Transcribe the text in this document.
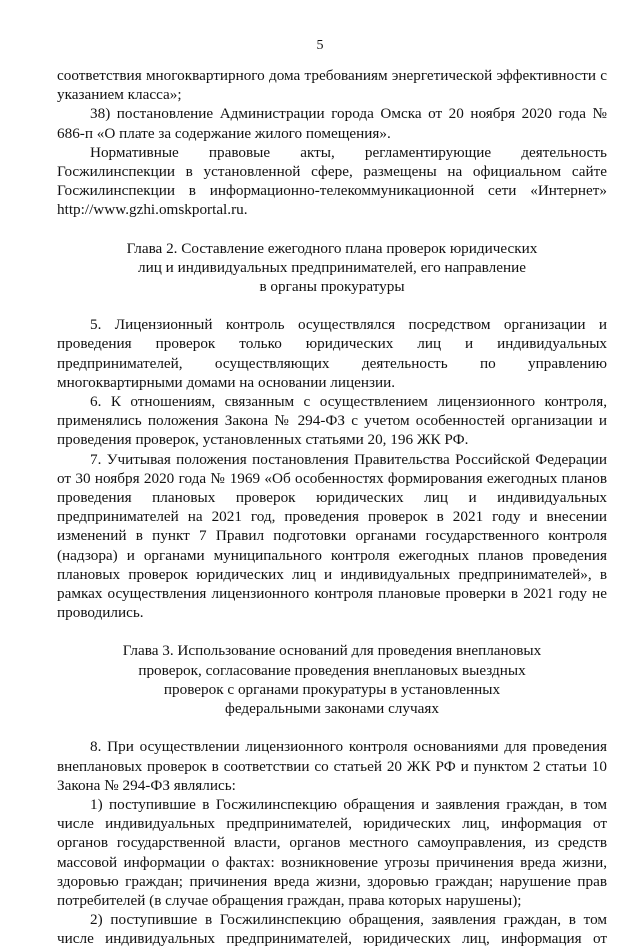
5

соответствия многоквартирного дома требованиям энергетической эффективности с указанием класса»;

38) постановление Администрации города Омска от 20 ноября 2020 года № 686-п «О плате за содержание жилого помещения».

Нормативные правовые акты, регламентирующие деятельность Госжилинспекции в установленной сфере, размещены на официальном сайте Госжилинспекции в информационно-телекоммуникационной сети «Интернет» http://www.gzhi.omskportal.ru.

Глава 2. Составление ежегодного плана проверок юридических

лиц и индивидуальных предпринимателей, его направление

в органы прокуратуры

5. Лицензионный контроль осуществлялся посредством организации и проведения проверок только юридических лиц и индивидуальных предпринимателей, осуществляющих деятельность по управлению многоквартирными домами на основании лицензии.

6. К отношениям, связанным с осуществлением лицензионного контроля, применялись положения Закона № 294-ФЗ с учетом особенностей организации и проведения проверок, установленных статьями 20, 196 ЖК РФ.

7. Учитывая положения постановления Правительства Российской Федерации от 30 ноября 2020 года № 1969 «Об особенностях формирования ежегодных планов проведения плановых проверок юридических лиц и индивидуальных предпринимателей на 2021 год, проведения проверок в 2021 году и внесении изменений в пункт 7 Правил подготовки органами государственного контроля (надзора) и органами муниципального контроля ежегодных планов проведения плановых проверок юридических лиц и индивидуальных предпринимателей», в рамках осуществления лицензионного контроля плановые проверки в 2021 году не проводились.

Глава 3. Использование оснований для проведения внеплановых

проверок, согласование проведения внеплановых выездных

проверок с органами прокуратуры в установленных

федеральными законами случаях

8. При осуществлении лицензионного контроля основаниями для проведения внеплановых проверок в соответствии со статьей 20 ЖК РФ и пунктом 2 статьи 10 Закона № 294-ФЗ являлись:

1) поступившие в Госжилинспекцию обращения и заявления граждан, в том числе индивидуальных предпринимателей, юридических лиц, информация от органов государственной власти, органов местного самоуправления, из средств массовой информации о фактах: возникновение угрозы причинения вреда жизни, здоровью граждан; причинения вреда жизни, здоровью граждан; нарушение прав потребителей (в случае обращения граждан, права которых нарушены);

2) поступившие в Госжилинспекцию обращения, заявления граждан, в том числе индивидуальных предпринимателей, юридических лиц, информация от
